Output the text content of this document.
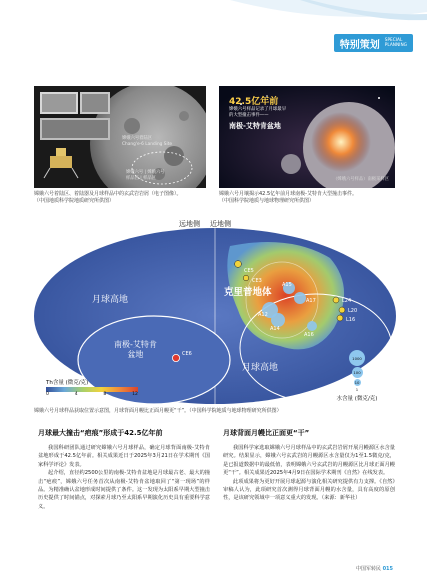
特别策划 SPECIAL
PLANNING
嫦娥六号着陆区
Chang'e-6 Landing Site
嫦娥六号 | 嫦娥六号
样品区 | 样品区
嫦娥六号着陆区、着陆器及月球样品中的玄武岩岩屑（电子图像）。
（中国地质科学院地质研究所供图）
42.5亿年前
嫦娥六号样品记录了月球最早
的大型撞击事件——
南极-艾特肯盆地
（嫦娥六号样品）南极采样区
嫦娥六号月壤揭示42.5亿年前月球南极-艾特肯大型撞击事件。
（中国科学院地质与地球物理研究所供图）
远地侧 近地侧
CE5
CE3
A17
A12
A14
A15
L24
L20
L16
A16
CE6
月球高地
月球高地
克里普地体
南极-艾特肯
盆地
Th含量 (微克/克)
0	4	8	12
1000
100
10
1
水含量 (微克/克)
嫦娥六号月球样品获取位置示意图，月球背面月幔比正面月幔更“干”。（中国科学院地质与地球物理研究所供图）
月球最大撞击“疤痕”形成于42.5亿年前

我国科研团队通过研究嫦娥六号月球样品，确定月球背面南极-艾特肯盆地形成于42.5亿年前。相关成果近日于2025年3月21日在学术期刊《国家科学评论》发表。

起介绍，直径约2500公里的南极-艾特肯盆地是月球最古老、最大的撞击“疤痕”，嫦娥六号任务首次从南极-艾特肯盆地取回了“第一现场”的样品。为精准确认盆地形成时间提供了条件。这一发现为太阳系早期大型撞击历史提供了时间锚点，对探索月球乃至太阳系早期演化历史具有重要科学意义。

月球背面月幔比正面更“干”

我国科学家选取嫦娥六号月球样品中的玄武岩岩屑开展月幔源区水含量研究。结果显示，嫦娥六号玄武岩的月幔源区水含量仅为1至1.5微克/克，是已报道数据中的最低值，表明嫦娥六号玄武岩的月幔源区比月球正面月幔更“干”。相关成果近2025年4月9日在国际学术期刊《自然》在线发表。

此项成果将为更好开展月球起源与演化相关研究提供有力支撑。《自然》审稿人认为，此项研究首次测得月球背面月幔的水含量，具有高度的原创性，是该研究领域中一项意义重大的发现。（来源：新华社）

中国军转民 015
